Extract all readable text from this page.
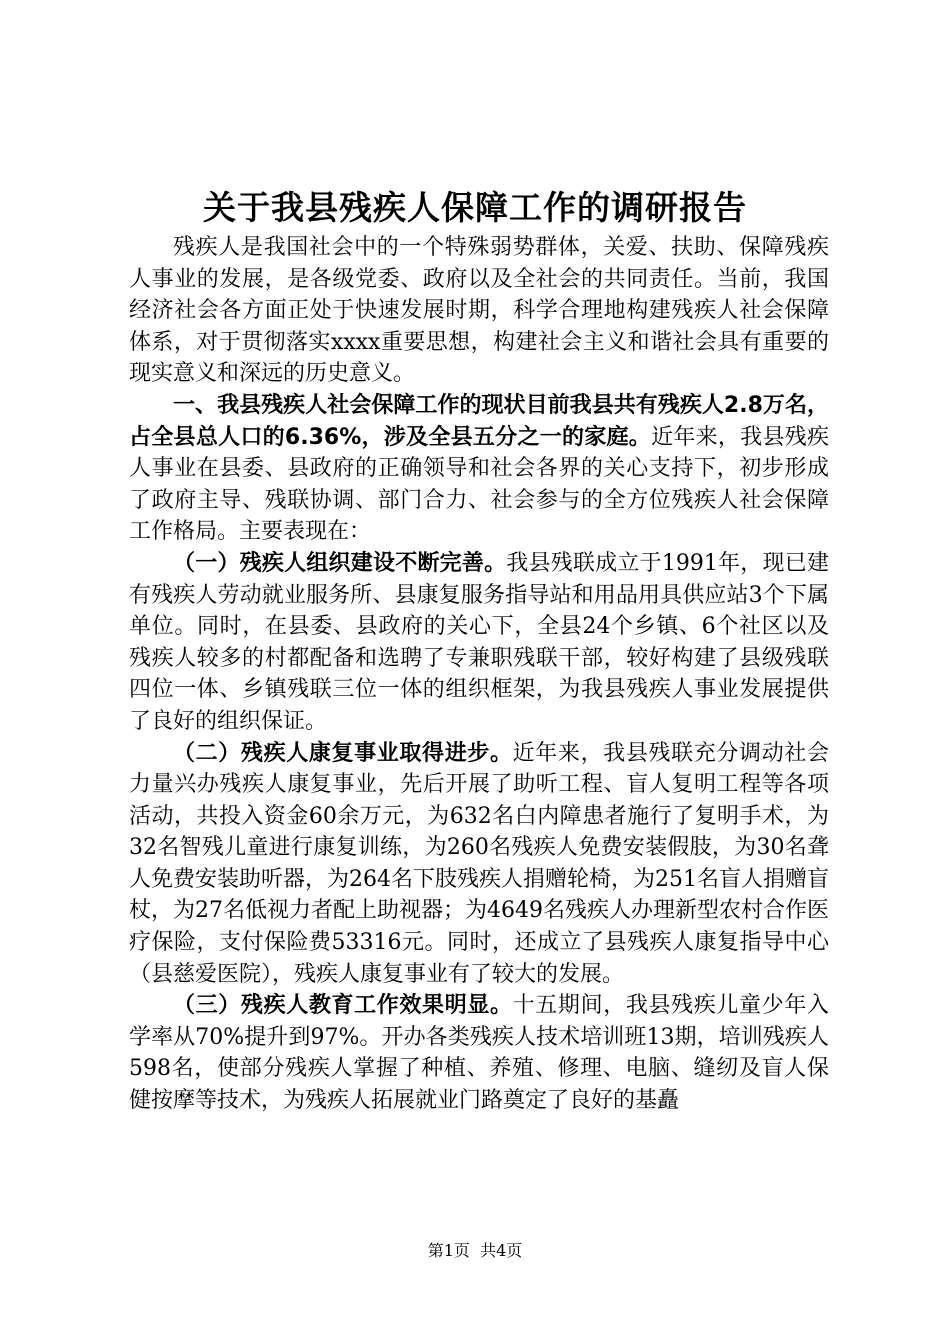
关于我县残疾人保障工作的调研报告

残疾人是我国社会中的一个特殊弱势群体，关爱、扶助、保障残疾人事业的发展，是各级党委、政府以及全社会的共同责任。当前，我国经济社会各方面正处于快速发展时期，科学合理地构建残疾人社会保障体系，对于贯彻落实xxxx重要思想，构建社会主义和谐社会具有重要的现实意义和深远的历史意义。

一、我县残疾人社会保障工作的现状目前我县共有残疾人2.8万名，占全县总人口的6.36%，涉及全县五分之一的家庭。近年来，我县残疾人事业在县委、县政府的正确领导和社会各界的关心支持下，初步形成了政府主导、残联协调、部门合力、社会参与的全方位残疾人社会保障工作格局。主要表现在：

（一）残疾人组织建设不断完善。我县残联成立于1991年，现已建有残疾人劳动就业服务所、县康复服务指导站和用品用具供应站3个下属单位。同时，在县委、县政府的关心下，全县24个乡镇、6个社区以及残疾人较多的村都配备和选聘了专兼职残联干部，较好构建了县级残联四位一体、乡镇残联三位一体的组织框架，为我县残疾人事业发展提供了良好的组织保证。

（二）残疾人康复事业取得进步。近年来，我县残联充分调动社会力量兴办残疾人康复事业，先后开展了助听工程、盲人复明工程等各项活动，共投入资金60余万元，为632名白内障患者施行了复明手术，为32名智残儿童进行康复训练，为260名残疾人免费安装假肢，为30名聋人免费安装助听器，为264名下肢残疾人捐赠轮椅，为251名盲人捐赠盲杖，为27名低视力者配上助视器；为4649名残疾人办理新型农村合作医疗保险，支付保险费53316元。同时，还成立了县残疾人康复指导中心（县慈爱医院），残疾人康复事业有了较大的发展。

（三）残疾人教育工作效果明显。十五期间，我县残疾儿童少年入学率从70%提升到97%。开办各类残疾人技术培训班13期，培训残疾人598名，使部分残疾人掌握了种植、养殖、修理、电脑、缝纫及盲人保健按摩等技术，为残疾人拓展就业门路奠定了良好的基矗

第1页 共4页
